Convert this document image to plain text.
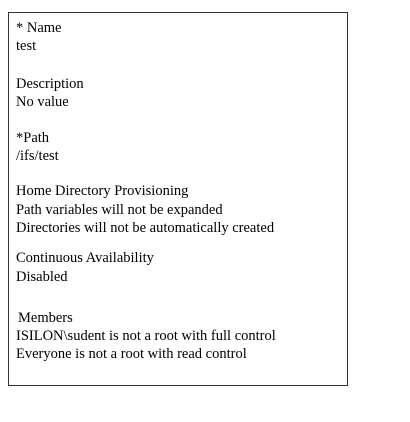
* Name
test
Description
No value
*Path
/ifs/test
Home Directory Provisioning
Path variables will not be expanded
Directories will not be automatically created
Continuous Availability
Disabled
Members
ISILON\sudent is not a root with full control
Everyone is not a root with read control
